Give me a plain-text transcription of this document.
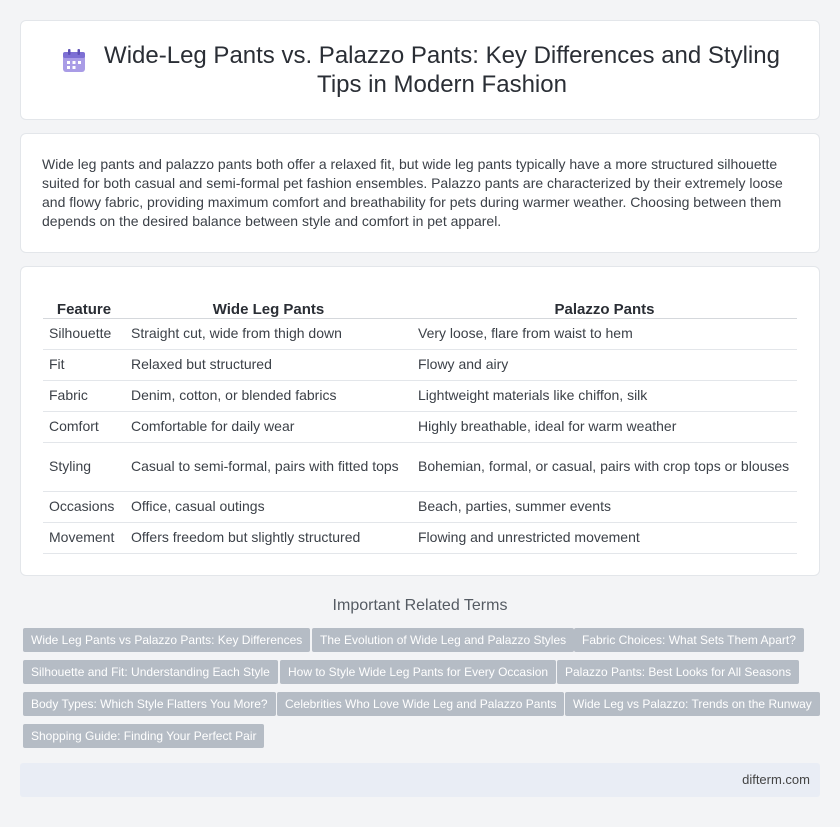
Wide-Leg Pants vs. Palazzo Pants: Key Differences and Styling Tips in Modern Fashion

Wide leg pants and palazzo pants both offer a relaxed fit, but wide leg pants typically have a more structured silhouette suited for both casual and semi-formal pet fashion ensembles. Palazzo pants are characterized by their extremely loose and flowy fabric, providing maximum comfort and breathability for pets during warmer weather. Choosing between them depends on the desired balance between style and comfort in pet apparel.

Feature	Wide Leg Pants	Palazzo Pants
Silhouette	Straight cut, wide from thigh down	Very loose, flare from waist to hem
Fit	Relaxed but structured	Flowy and airy
Fabric	Denim, cotton, or blended fabrics	Lightweight materials like chiffon, silk
Comfort	Comfortable for daily wear	Highly breathable, ideal for warm weather
Styling	Casual to semi-formal, pairs with fitted tops	Bohemian, formal, or casual, pairs with crop tops or blouses
Occasions	Office, casual outings	Beach, parties, summer events
Movement	Offers freedom but slightly structured	Flowing and unrestricted movement
Important Related Terms
Wide Leg Pants vs Palazzo Pants: Key Differences	The Evolution of Wide Leg and Palazzo Styles	Fabric Choices: What Sets Them Apart?
Silhouette and Fit: Understanding Each Style	How to Style Wide Leg Pants for Every Occasion	Palazzo Pants: Best Looks for All Seasons
Body Types: Which Style Flatters You More?	Celebrities Who Love Wide Leg and Palazzo Pants	Wide Leg vs Palazzo: Trends on the Runway
Shopping Guide: Finding Your Perfect Pair
difterm.com
